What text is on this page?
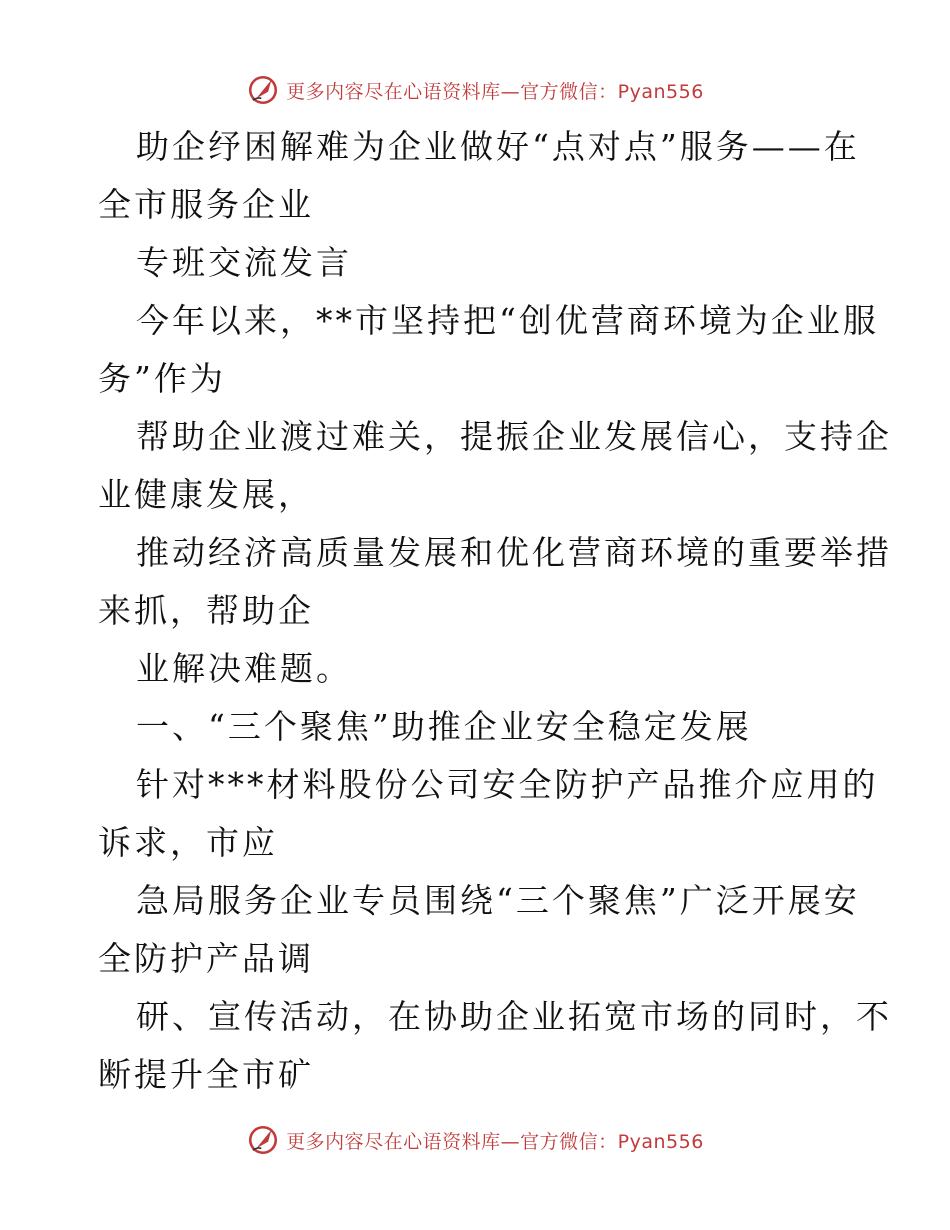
更多内容尽在心语资料库—官方微信：Pyan556
助企纾困解难为企业做好“点对点”服务——在
全市服务企业
专班交流发言
今年以来，**市坚持把“创优营商环境为企业服
务”作为
帮助企业渡过难关，提振企业发展信心，支持企
业健康发展，
推动经济高质量发展和优化营商环境的重要举措
来抓，帮助企
业解决难题。
一、“三个聚焦”助推企业安全稳定发展
针对***材料股份公司安全防护产品推介应用的
诉求，市应
急局服务企业专员围绕“三个聚焦”广泛开展安
全防护产品调
研、宣传活动，在协助企业拓宽市场的同时，不
断提升全市矿
更多内容尽在心语资料库—官方微信：Pyan556
